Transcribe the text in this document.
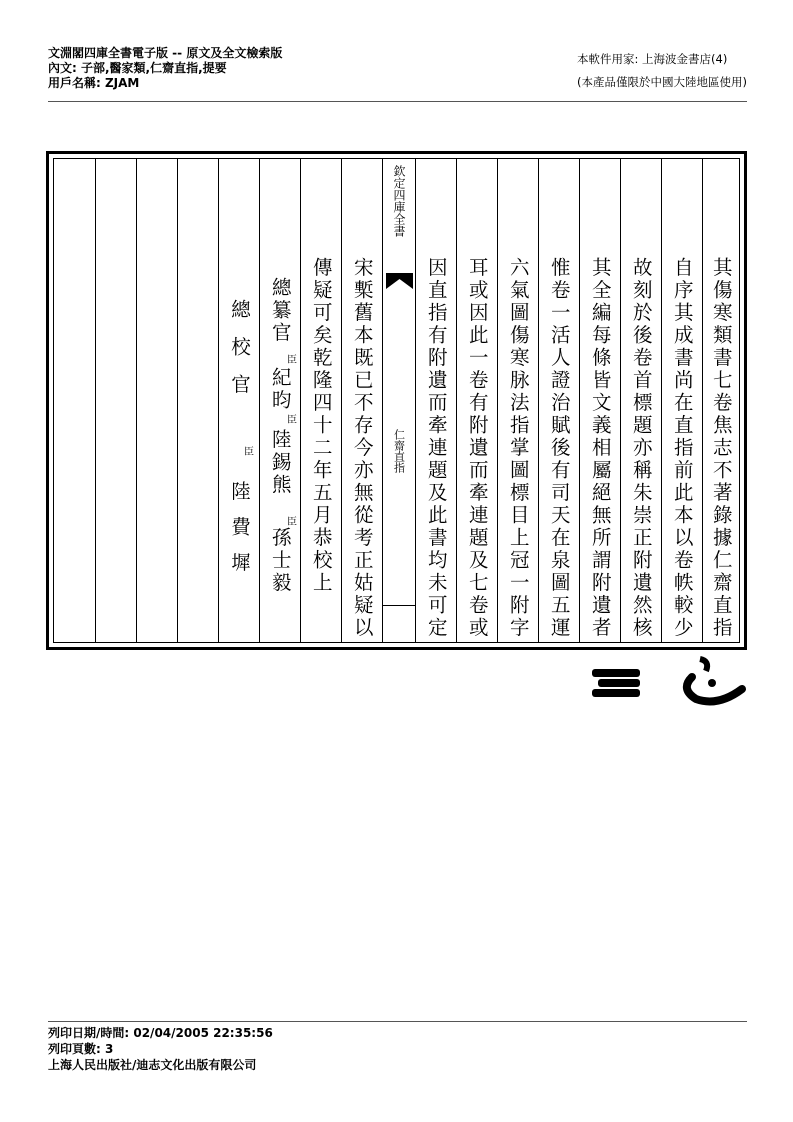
文淵閣四庫全書電子版 -- 原文及全文檢索版
內文: 子部,醫家類,仁齋直指,提要
用戶名稱: ZJAM
本軟件用家: 上海波金書店(4)
(本產品僅限於中國大陸地區使用)
總校官
臣
陸費墀
總纂官
臣
紀昀
臣
陸錫熊
臣
孫士毅 傳疑可矣乾隆四十二年五月恭校上 宋槧舊本既已不存今亦無從考正姑疑以
欽定四庫全書
仁齋直指 因直指有附遺而牽連題及此書均未可定 耳或因此一卷有附遺而牽連題及七卷或 六氣圖傷寒脉法指掌圖標目上冠一附字 惟卷一活人證治賦後有司天在泉圖五運 其全編每條皆文義相屬絕無所謂附遺者 故刻於後卷首標題亦稱朱崇正附遺然核 自序其成書尚在直指前此本以卷帙較少 其傷寒類書七卷焦志不著錄據仁齋直指
列印日期/時間: 02/04/2005 22:35:56
列印頁數: 3
上海人民出版社/迪志文化出版有限公司
